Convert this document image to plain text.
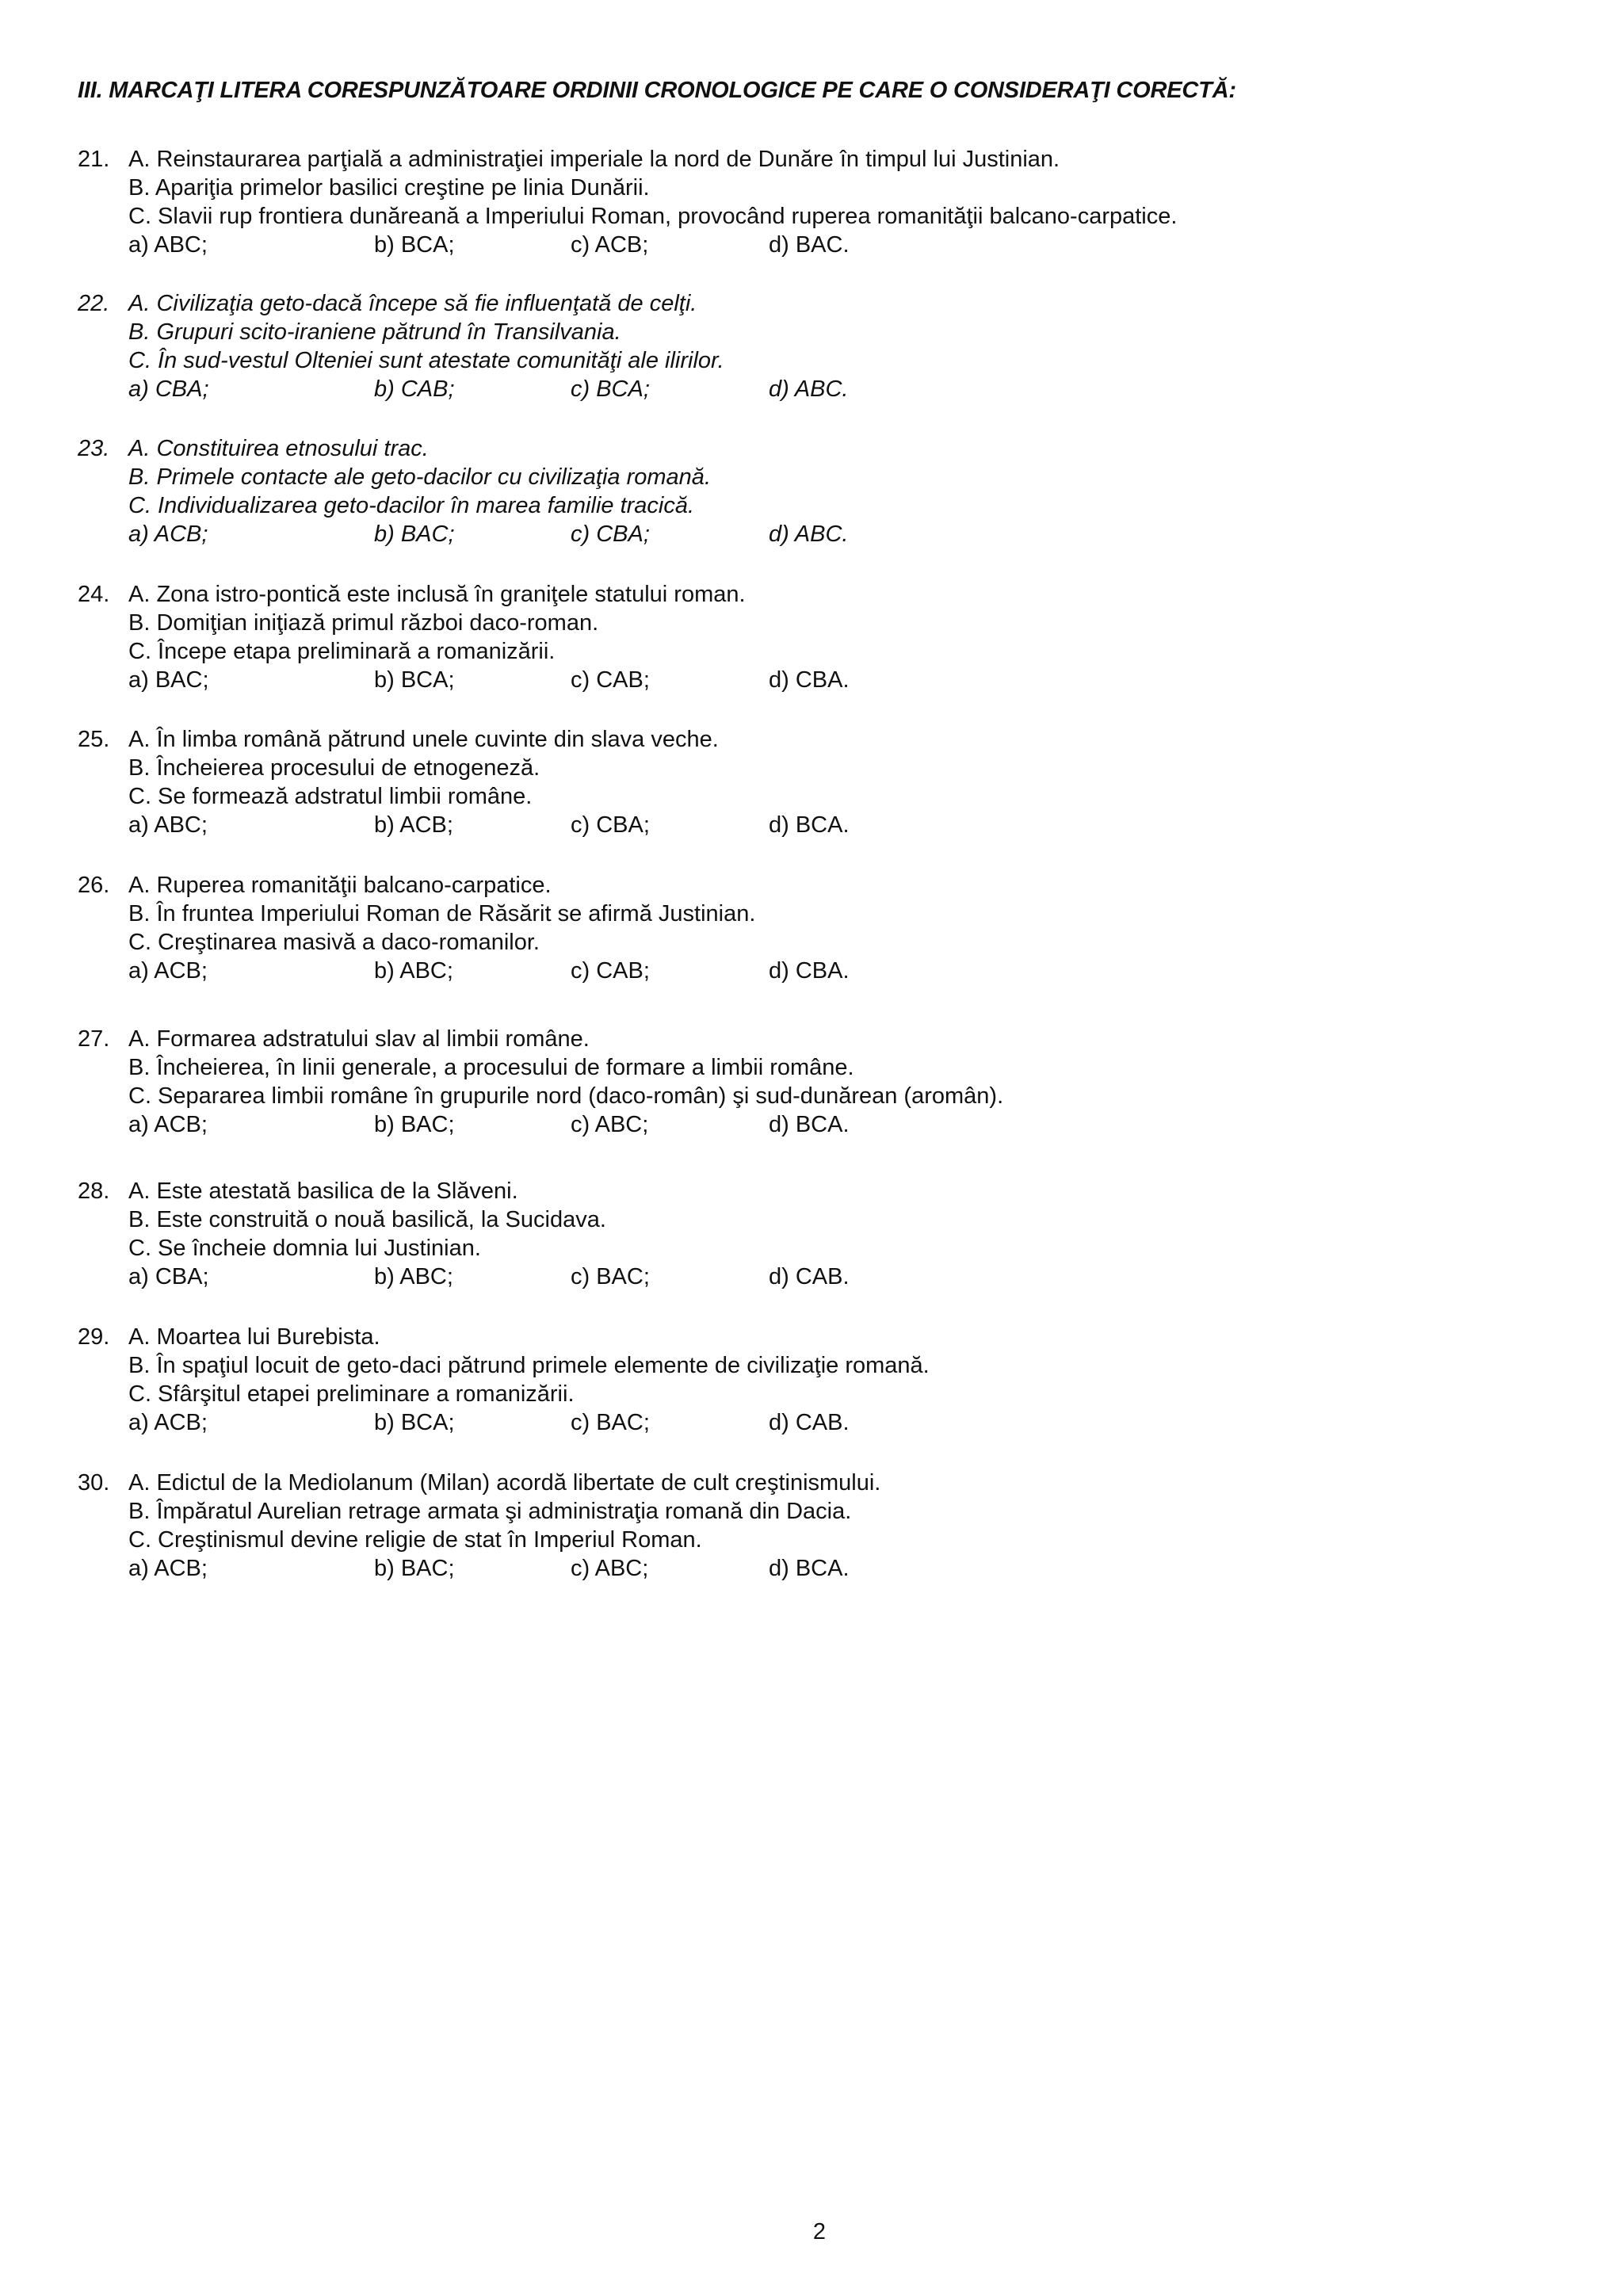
III. MARCAŢI LITERA CORESPUNZĂTOARE ORDINII CRONOLOGICE PE CARE O CONSIDERAŢI CORECTĂ:
21. A. Reinstaurarea parţială a administraţiei imperiale la nord de Dunăre în timpul lui Justinian.
B. Apariţia primelor basilici creştine pe linia Dunării.
C. Slavii rup frontiera dunăreană a Imperiului Roman, provocând ruperea romanităţii balcano-carpatice.
a) ABC;	b) BCA;	c) ACB;	d) BAC.
22. A. Civilizaţia geto-dacă începe să fie influenţată de celţi.
B. Grupuri scito-iraniene pătrund în Transilvania.
C. În sud-vestul Olteniei sunt atestate comunităţi ale ilirilor.
a) CBA;	b) CAB;	c) BCA;	d) ABC.
23. A. Constituirea etnosului trac.
B. Primele contacte ale geto-dacilor cu civilizaţia romană.
C. Individualizarea geto-dacilor în marea familie tracică.
a) ACB;	b) BAC;	c) CBA;	d) ABC.
24. A. Zona istro-pontică este inclusă în graniţele statului roman.
B. Domiţian iniţiază primul război daco-roman.
C. Începe etapa preliminară a romanizării.
a) BAC;	b) BCA;	c) CAB;	d) CBA.
25. A. În limba română pătrund unele cuvinte din slava veche.
B. Încheierea procesului de etnogeneză.
C. Se formează adstratul limbii române.
a) ABC;	b) ACB;	c) CBA;	d) BCA.
26. A. Ruperea romanităţii balcano-carpatice.
B. În fruntea Imperiului Roman de Răsărit se afirmă Justinian.
C. Creştinarea masivă a daco-romanilor.
a) ACB;	b) ABC;	c) CAB;	d) CBA.
27. A. Formarea adstratului slav al limbii române.
B. Încheierea, în linii generale, a procesului de formare a limbii române.
C. Separarea limbii române în grupurile nord (daco-român) şi sud-dunărean (aromân).
a) ACB;	b) BAC;	c) ABC;	d) BCA.
28. A. Este atestată basilica de la Slăveni.
B. Este construită o nouă basilică, la Sucidava.
C. Se încheie domnia lui Justinian.
a) CBA;	b) ABC;	c) BAC;	d) CAB.
29. A. Moartea lui Burebista.
B. În spaţiul locuit de geto-daci pătrund primele elemente de civilizaţie romană.
C. Sfârşitul etapei preliminare a romanizării.
a) ACB;	b) BCA;	c) BAC;	d) CAB.
30. A. Edictul de la Mediolanum (Milan) acordă libertate de cult creştinismului.
B. Împăratul Aurelian retrage armata şi administraţia romană din Dacia.
C. Creştinismul devine religie de stat în Imperiul Roman.
a) ACB;	b) BAC;	c) ABC;	d) BCA.
2
